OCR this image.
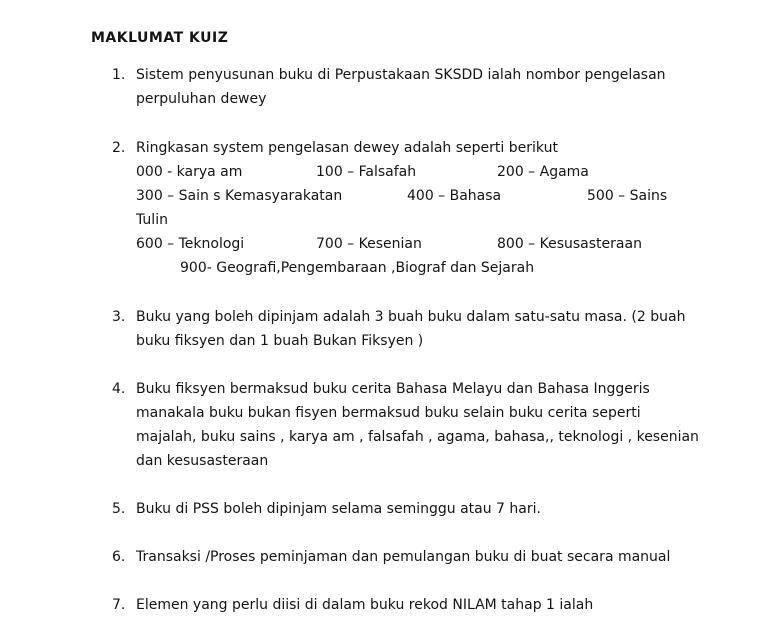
MAKLUMAT KUIZ
1. Sistem penyusunan buku di Perpustakaan SKSDD ialah nombor pengelasan
perpuluhan dewey
2. Ringkasan system pengelasan dewey adalah seperti berikut
000 - karya am	100 – Falsafah	200 – Agama
300 – Sain s Kemasyarakatan	400 – Bahasa	500 – Sains
Tulin
600 – Teknologi	700 – Kesenian	800 – Kesusasteraan
900- Geografi,Pengembaraan ,Biograf dan Sejarah
3. Buku yang boleh dipinjam adalah 3 buah buku dalam satu-satu masa. (2 buah
buku fiksyen dan 1 buah Bukan Fiksyen )
4. Buku fiksyen bermaksud buku cerita Bahasa Melayu dan Bahasa Inggeris
manakala buku bukan fisyen bermaksud buku selain buku cerita seperti
majalah, buku sains , karya am , falsafah , agama, bahasa,, teknologi , kesenian
dan kesusasteraan
5. Buku di PSS boleh dipinjam selama seminggu atau 7 hari.
6. Transaksi /Proses peminjaman dan pemulangan buku di buat secara manual
7. Elemen yang perlu diisi di dalam buku rekod NILAM tahap 1 ialah
